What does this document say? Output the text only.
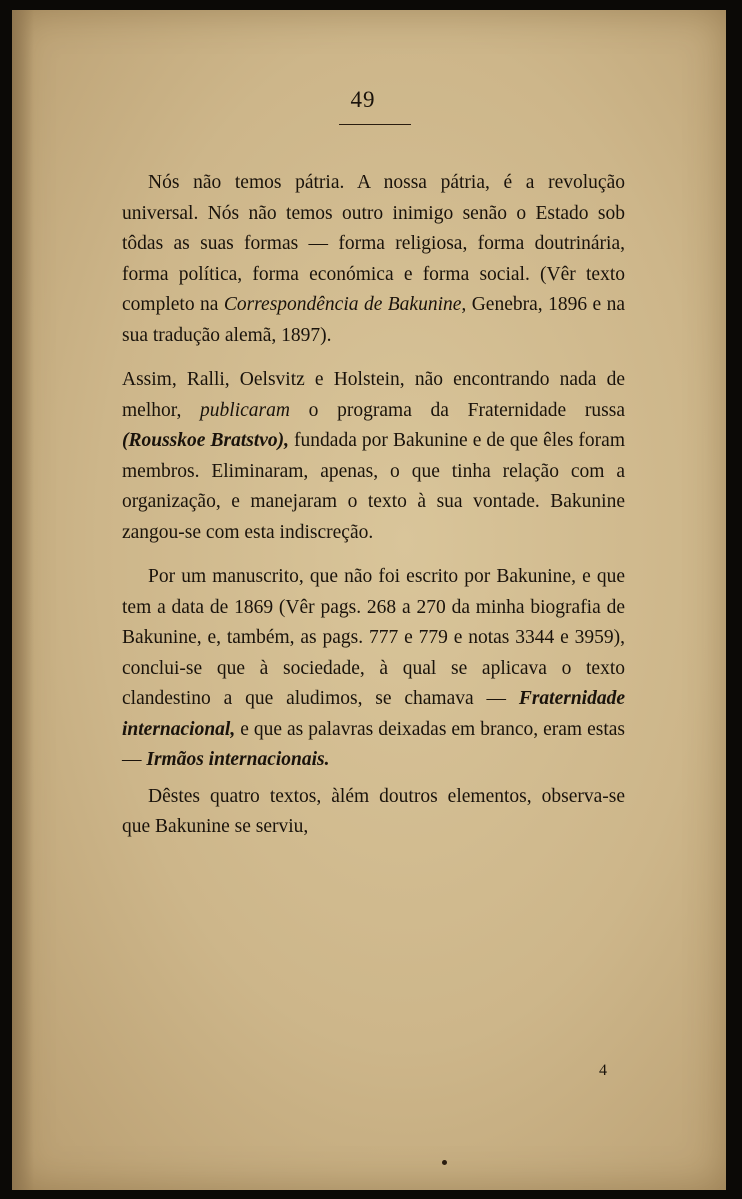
49

Nós não temos pátria. A nossa pátria, é a revolução universal. Nós não temos outro inimigo senão o Estado sob tôdas as suas formas — forma religiosa, forma doutrinária, forma política, forma económica e forma social. (Vêr texto completo na Correspondência de Bakunine, Genebra, 1896 e na sua tradução alemã, 1897).

Assim, Ralli, Oelsvitz e Holstein, não encontrando nada de melhor, publicaram o programa da Fraternidade russa (Rousskoe Bratstvo), fundada por Bakunine e de que êles foram membros. Eliminaram, apenas, o que tinha relação com a organização, e manejaram o texto à sua vontade. Bakunine zangou-se com esta indiscreção.

Por um manuscrito, que não foi escrito por Bakunine, e que tem a data de 1869 (Vêr pags. 268 a 270 da minha biografia de Bakunine, e, também, as pags. 777 e 779 e notas 3344 e 3959), conclui-se que à sociedade, à qual se aplicava o texto clandestino a que aludimos, se chamava — Fraternidade internacional, e que as palavras deixadas em branco, eram estas — Irmãos internacionais.

Dêstes quatro textos, àlém doutros elementos, observa-se que Bakunine se serviu,

4
